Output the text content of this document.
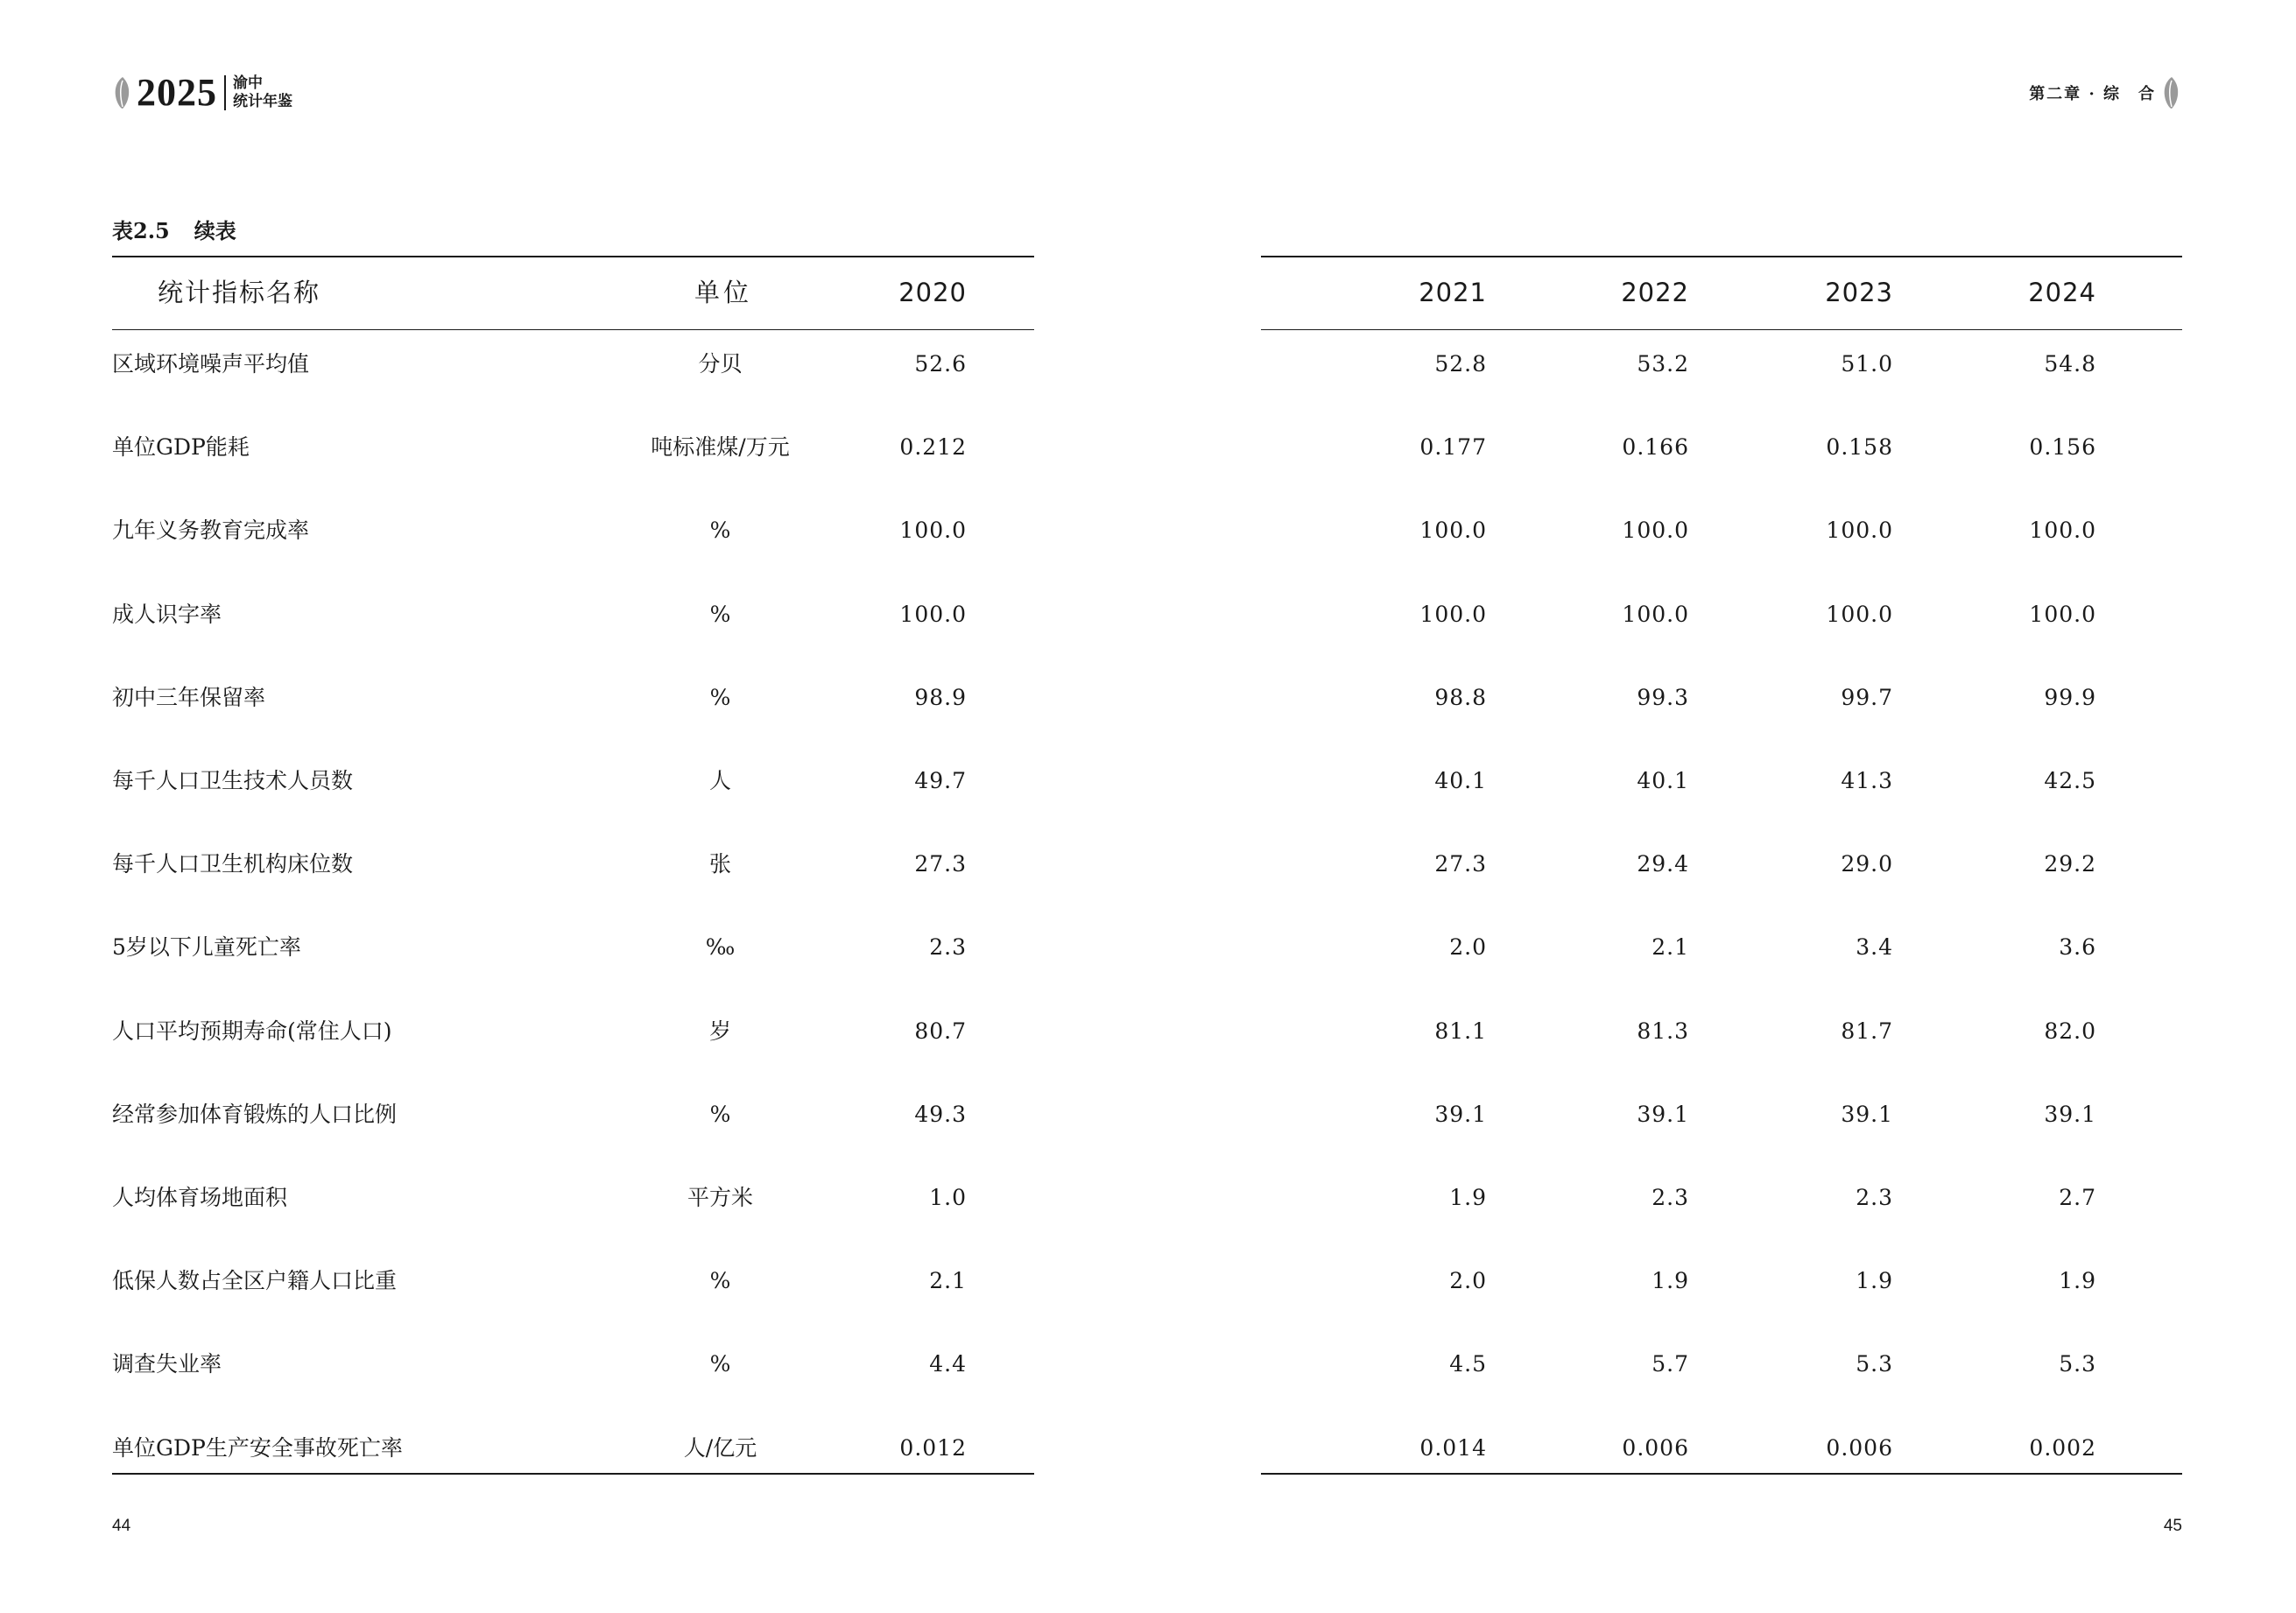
2025 渝中
统计年鉴	第二章 · 综　合
表2.5 续表
统计指标名称	单位	2020	2021	2022	2023	2024
区域环境噪声平均值	分贝	52.6	52.8	53.2	51.0	54.8
单位GDP能耗	吨标准煤/万元	0.212	0.177	0.166	0.158	0.156
九年义务教育完成率	%	100.0	100.0	100.0	100.0	100.0
成人识字率	%	100.0	100.0	100.0	100.0	100.0
初中三年保留率	%	98.9	98.8	99.3	99.7	99.9
每千人口卫生技术人员数	人	49.7	40.1	40.1	41.3	42.5
每千人口卫生机构床位数	张	27.3	27.3	29.4	29.0	29.2
5岁以下儿童死亡率	‰	2.3	2.0	2.1	3.4	3.6
人口平均预期寿命(常住人口)	岁	80.7	81.1	81.3	81.7	82.0
经常参加体育锻炼的人口比例	%	49.3	39.1	39.1	39.1	39.1
人均体育场地面积	平方米	1.0	1.9	2.3	2.3	2.7
低保人数占全区户籍人口比重	%	2.1	2.0	1.9	1.9	1.9
调查失业率	%	4.4	4.5	5.7	5.3	5.3
单位GDP生产安全事故死亡率	人/亿元	0.012	0.014	0.006	0.006	0.002
44	45
